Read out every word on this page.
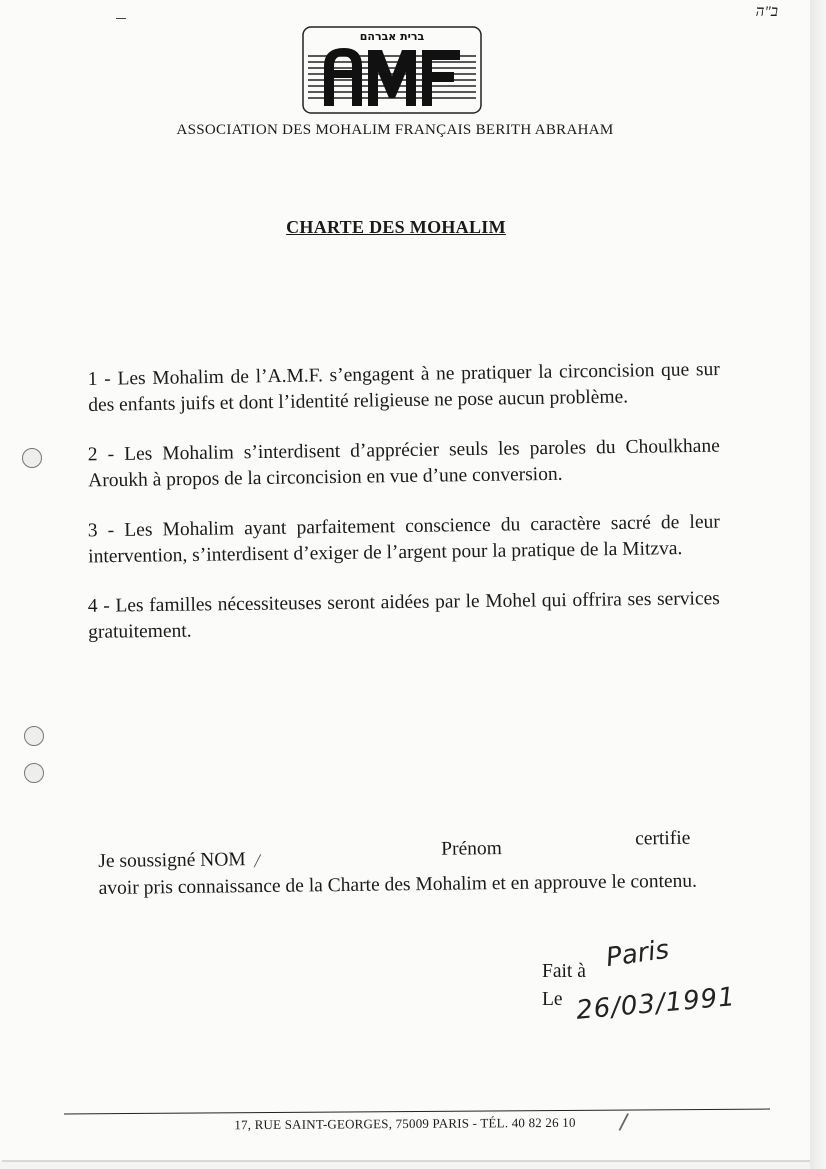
ב"ה
ברית אברהם
ASSOCIATION DES MOHALIM FRANÇAIS BERITH ABRAHAM
CHARTE DES MOHALIM

1 - Les Mohalim de l’A.M.F. s’engagent à ne pratiquer la circoncision que sur des enfants juifs et dont l’identité religieuse ne pose aucun problème.

2 - Les Mohalim s’interdisent d’apprécier seuls les paroles du Choulkhane Aroukh à propos de la circoncision en vue d’une conversion.

3 - Les Mohalim ayant parfaitement conscience du caractère sacré de leur intervention, s’interdisent d’exiger de l’argent pour la pratique de la Mitzva.

4 - Les familles nécessiteuses seront aidées par le Mohel qui offrira ses services gratuitement.

Je soussigné NOM /
Prénom	certifie
avoir pris connaissance de la Charte des Mohalim et en approuve le contenu.
Fait à Paris
Le 26/03/1991
17, RUE SAINT-GEORGES, 75009 PARIS - TÉL. 40 82 26 10	/
